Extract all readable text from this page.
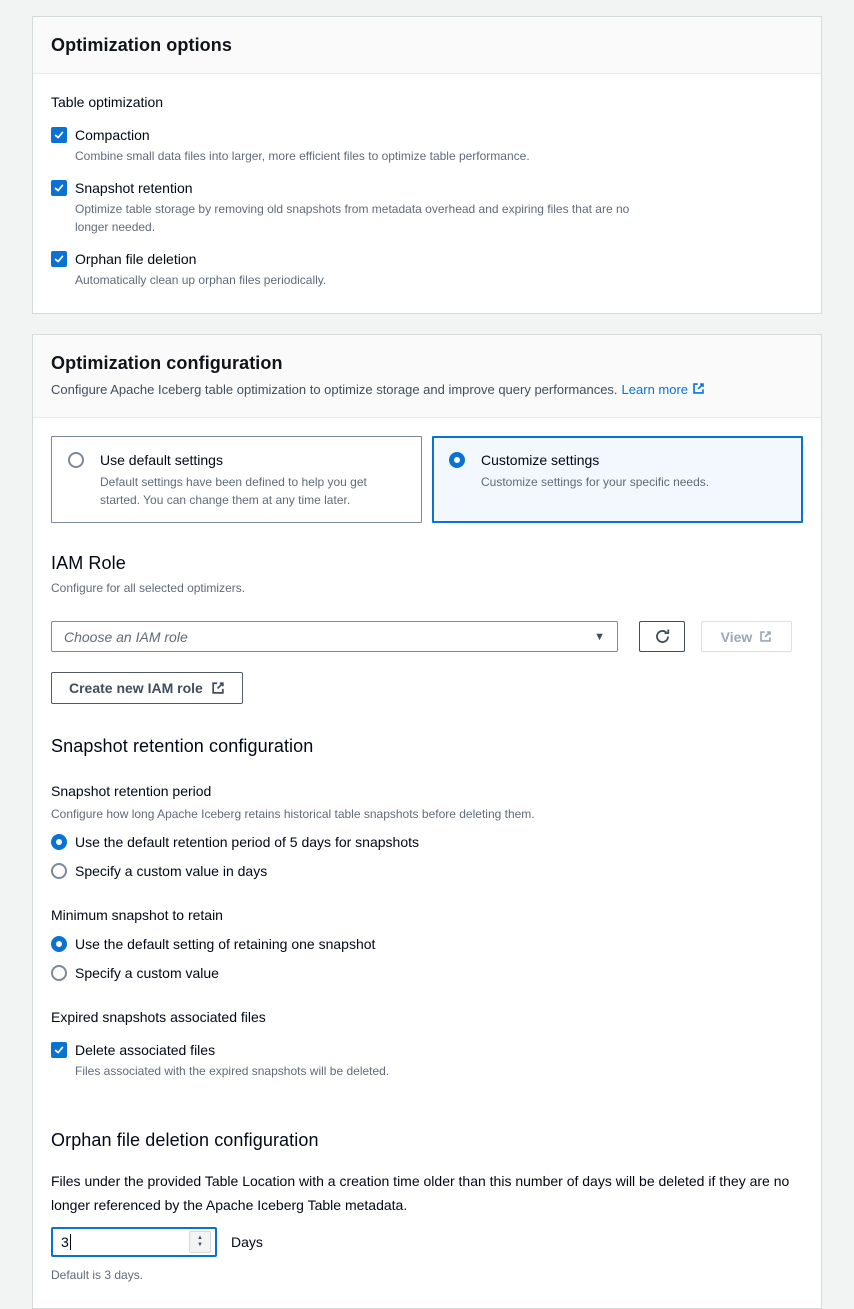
Optimization options
Table optimization
Compaction
Combine small data files into larger, more efficient files to optimize table performance.
Snapshot retention
Optimize table storage by removing old snapshots from metadata overhead and expiring files that are no longer needed.
Orphan file deletion
Automatically clean up orphan files periodically.
Optimization configuration
Configure Apache Iceberg table optimization to optimize storage and improve query performances. Learn more
Use default settings
Default settings have been defined to help you get started. You can change them at any time later.
Customize settings
Customize settings for your specific needs.
IAM Role
Configure for all selected optimizers.
Choose an IAM role	▼	View
Create new IAM role
Snapshot retention configuration
Snapshot retention period
Configure how long Apache Iceberg retains historical table snapshots before deleting them.
Use the default retention period of 5 days for snapshots
Specify a custom value in days
Minimum snapshot to retain
Use the default setting of retaining one snapshot
Specify a custom value
Expired snapshots associated files
Delete associated files
Files associated with the expired snapshots will be deleted.
Orphan file deletion configuration

Files under the provided Table Location with a creation time older than this number of days will be deleted if they are no longer referenced by the Apache Iceberg Table metadata.

3	▲
▼ Days
Default is 3 days.
